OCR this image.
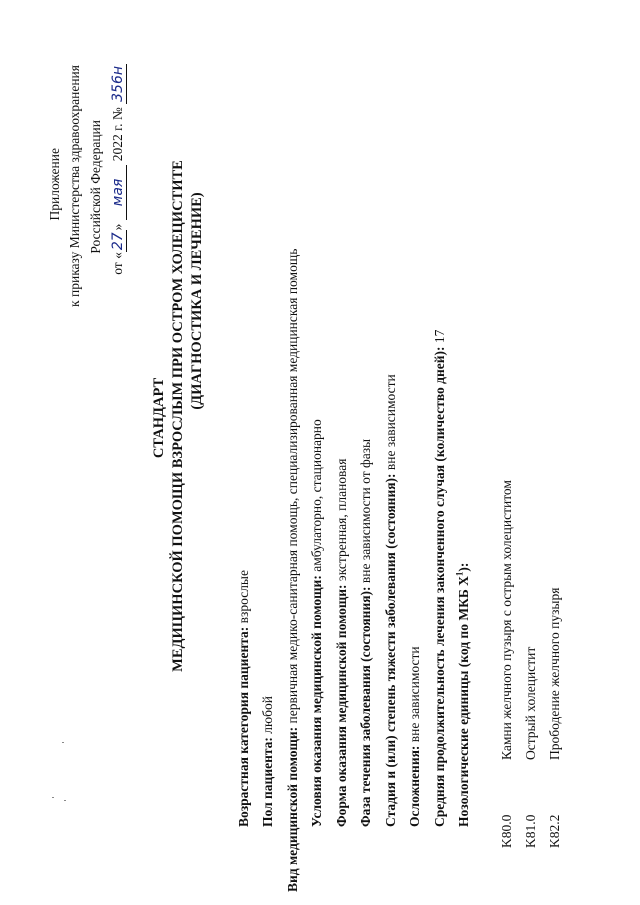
Приложение к приказу Министерства здравоохранения Российской Федерации
от «27» мая 2022 г. № 356н
СТАНДАРТ МЕДИЦИНСКОЙ ПОМОЩИ ВЗРОСЛЫМ ПРИ ОСТРОМ ХОЛЕЦИСТИТЕ (ДИАГНОСТИКА И ЛЕЧЕНИЕ)
Возрастная категория пациента: взрослые
Пол пациента: любой
Вид медицинской помощи: первичная медико-санитарная помощь, специализированная медицинская помощь Условия оказания медицинской помощи: амбулаторно, стационарно
Форма оказания медицинской помощи: экстренная, плановая
Фаза течения заболевания (состояния): вне зависимости от фазы Стадия и (или) степень тяжести заболевания (состояния): вне зависимости
Осложнения: вне зависимости Средняя продолжительность лечения законченного случая (количество дней): 17
Нозологические единицы (код по МКБ $X^1$):
K80.0
Камни желчного пузыря с острым холециститом
K81.0
Острый холецистит
K82.2
Прободение желчного пузыря
